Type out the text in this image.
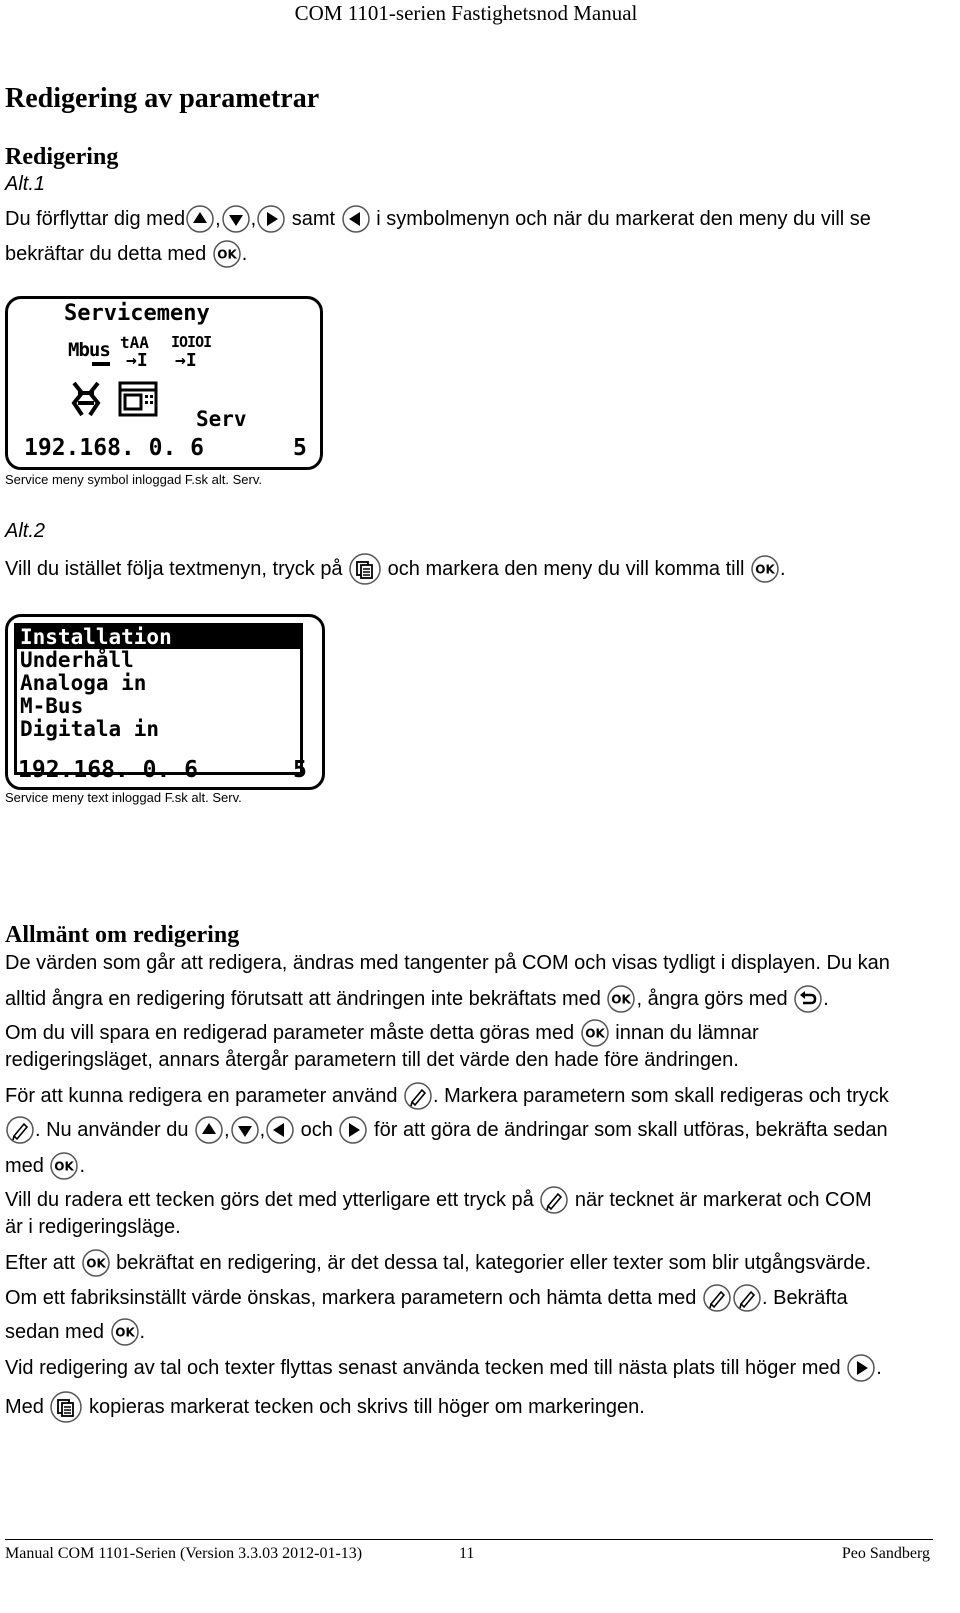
COM 1101-serien Fastighetsnod Manual
Redigering av parametrar
Redigering
Alt.1
Du förflyttar dig med , , samt i symbolmenyn och när du markerat den meny du vill se
bekräftar du detta med OK .
Servicemeny
Mbus tAA
→I
IOIOI
→I
Serv
192.168. 0. 6	5
Service meny symbol inloggad F.sk alt. Serv.
Alt.2
Vill du istället följa textmenyn, tryck på och markera den meny du vill komma till OK .
Installation
Underhåll
Analoga in
M-Bus
Digitala in
192.168. 0. 6	5
Service meny text inloggad F.sk alt. Serv.
Allmänt om redigering
De värden som går att redigera, ändras med tangenter på COM och visas tydligt i displayen. Du kan
alltid ångra en redigering förutsatt att ändringen inte bekräftats med OK , ångra görs med .
Om du vill spara en redigerad parameter måste detta göras med OK innan du lämnar
redigeringsläget, annars återgår parametern till det värde den hade före ändringen.
För att kunna redigera en parameter använd . Markera parametern som skall redigeras och tryck
. Nu använder du , , och för att göra de ändringar som skall utföras, bekräfta sedan
med OK .
Vill du radera ett tecken görs det med ytterligare ett tryck på när tecknet är markerat och COM
är i redigeringsläge.
Efter att OK bekräftat en redigering, är det dessa tal, kategorier eller texter som blir utgångsvärde.
Om ett fabriksinställt värde önskas, markera parametern och hämta detta med	. Bekräfta
sedan med OK .
Vid redigering av tal och texter flyttas senast använda tecken med till nästa plats till höger med .
Med kopieras markerat tecken och skrivs till höger om markeringen.
Manual COM 1101-Serien (Version 3.3.03 2012-01-13)	11	Peo Sandberg
